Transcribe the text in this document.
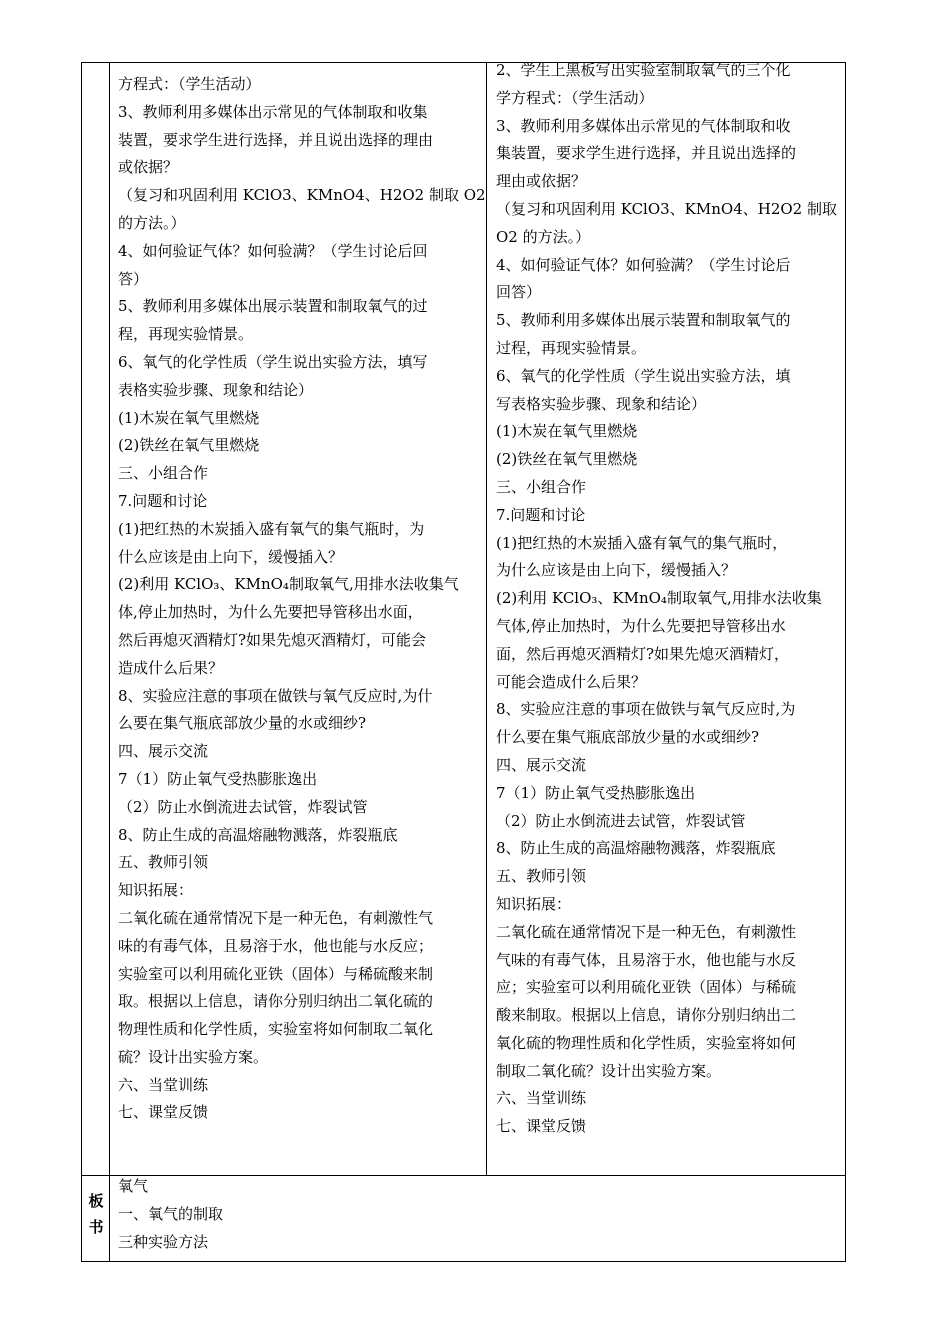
方程式：（学生活动）

3、教师利用多媒体出示常见的气体制取和收集

装置，要求学生进行选择，并且说出选择的理由

或依据？

（复习和巩固利用 KClO3、KMnO4、H2O2 制取 O2

的方法。）

4、如何验证气体？如何验满？（学生讨论后回

答）

5、教师利用多媒体出展示装置和制取氧气的过

程，再现实验情景。

6、氧气的化学性质（学生说出实验方法，填写

表格实验步骤、现象和结论）

(1)木炭在氧气里燃烧

(2)铁丝在氧气里燃烧

三、小组合作

7.问题和讨论

(1)把红热的木炭插入盛有氧气的集气瓶时，为

什么应该是由上向下，缓慢插入？

(2)利用 KClO₃、KMnO₄制取氧气,用排水法收集气

体,停止加热时，为什么先要把导管移出水面，

然后再熄灭酒精灯?如果先熄灭酒精灯，可能会

造成什么后果？

8、实验应注意的事项在做铁与氧气反应时,为什

么要在集气瓶底部放少量的水或细纱?

四、展示交流

7（1）防止氧气受热膨胀逸出

（2）防止水倒流进去试管，炸裂试管

8、防止生成的高温熔融物溅落，炸裂瓶底

五、教师引领

知识拓展：

二氧化硫在通常情况下是一种无色，有刺激性气

味的有毒气体，且易溶于水，他也能与水反应；

实验室可以利用硫化亚铁（固体）与稀硫酸来制

取。根据以上信息，请你分别归纳出二氧化硫的

物理性质和化学性质，实验室将如何制取二氧化

硫？设计出实验方案。

六、当堂训练

七、课堂反馈

2、学生上黑板写出实验室制取氧气的三个化

学方程式：（学生活动）

3、教师利用多媒体出示常见的气体制取和收

集装置，要求学生进行选择，并且说出选择的

理由或依据？

（复习和巩固利用 KClO3、KMnO4、H2O2 制取

O2 的方法。）

4、如何验证气体？如何验满？（学生讨论后

回答）

5、教师利用多媒体出展示装置和制取氧气的

过程，再现实验情景。

6、氧气的化学性质（学生说出实验方法，填

写表格实验步骤、现象和结论）

(1)木炭在氧气里燃烧

(2)铁丝在氧气里燃烧

三、小组合作

7.问题和讨论

(1)把红热的木炭插入盛有氧气的集气瓶时，

为什么应该是由上向下，缓慢插入？

(2)利用 KClO₃、KMnO₄制取氧气,用排水法收集

气体,停止加热时，为什么先要把导管移出水

面，然后再熄灭酒精灯?如果先熄灭酒精灯，

可能会造成什么后果？

8、实验应注意的事项在做铁与氧气反应时,为

什么要在集气瓶底部放少量的水或细纱?

四、展示交流

7（1）防止氧气受热膨胀逸出

（2）防止水倒流进去试管，炸裂试管

8、防止生成的高温熔融物溅落，炸裂瓶底

五、教师引领

知识拓展：

二氧化硫在通常情况下是一种无色，有刺激性

气味的有毒气体，且易溶于水，他也能与水反

应；实验室可以利用硫化亚铁（固体）与稀硫

酸来制取。根据以上信息，请你分别归纳出二

氧化硫的物理性质和化学性质，实验室将如何

制取二氧化硫？设计出实验方案。

六、当堂训练

七、课堂反馈

板
书

氧气

一、氧气的制取

三种实验方法
